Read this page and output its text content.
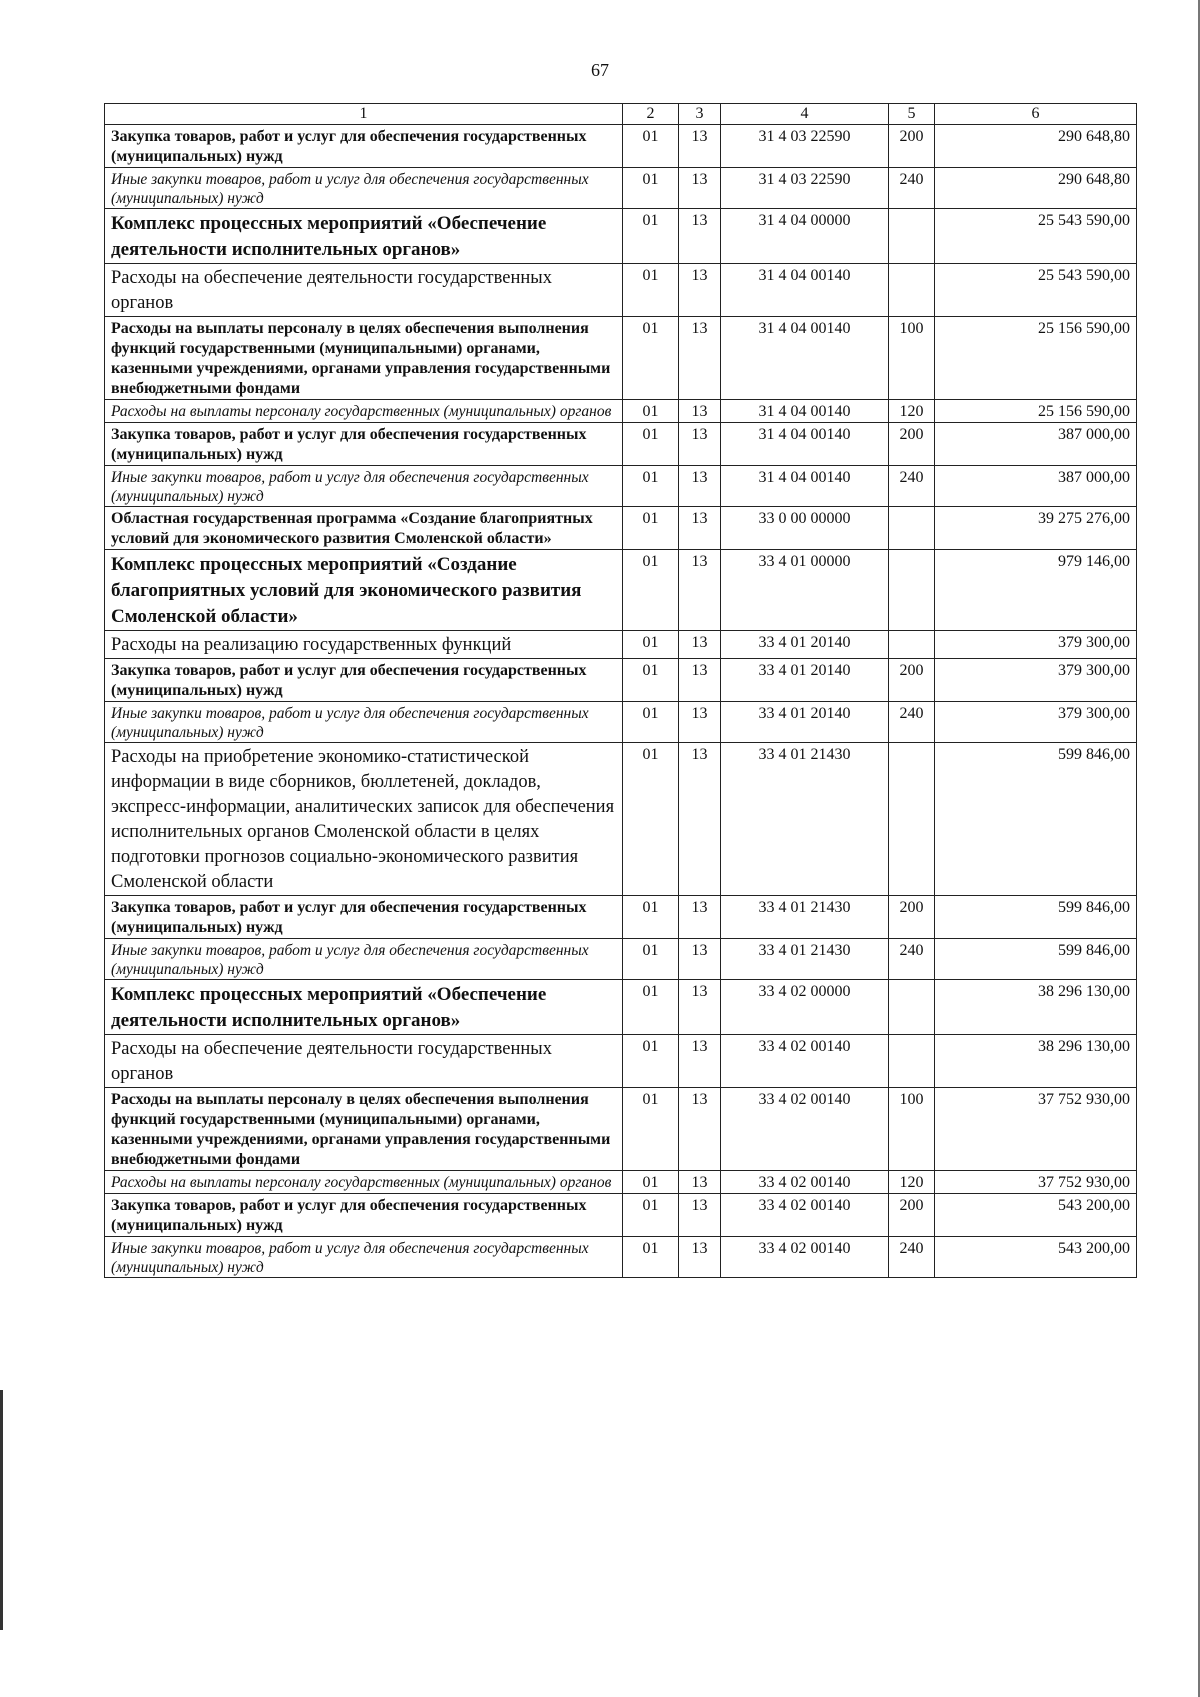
67
1	2	3	4	5	6
Закупка товаров, работ и услуг для обеспечения государственных (муниципальных) нужд	01	13	31 4 03 22590	200	290 648,80
Иные закупки товаров, работ и услуг для обеспечения государственных (муниципальных) нужд	01	13	31 4 03 22590	240	290 648,80
Комплекс процессных мероприятий «Обеспечение деятельности исполнительных органов»	01	13	31 4 04 00000		25 543 590,00
Расходы на обеспечение деятельности государственных органов	01	13	31 4 04 00140		25 543 590,00
Расходы на выплаты персоналу в целях обеспечения выполнения функций государственными (муниципальными) органами, казенными учреждениями, органами управления государственными внебюджетными фондами	01	13	31 4 04 00140	100	25 156 590,00
Расходы на выплаты персоналу государственных (муниципальных) органов	01	13	31 4 04 00140	120	25 156 590,00
Закупка товаров, работ и услуг для обеспечения государственных (муниципальных) нужд	01	13	31 4 04 00140	200	387 000,00
Иные закупки товаров, работ и услуг для обеспечения государственных (муниципальных) нужд	01	13	31 4 04 00140	240	387 000,00
Областная государственная программа «Создание благоприятных условий для экономического развития Смоленской области»	01	13	33 0 00 00000		39 275 276,00
Комплекс процессных мероприятий «Создание благоприятных условий для экономического развития Смоленской области»	01	13	33 4 01 00000		979 146,00
Расходы на реализацию государственных функций	01	13	33 4 01 20140		379 300,00
Закупка товаров, работ и услуг для обеспечения государственных (муниципальных) нужд	01	13	33 4 01 20140	200	379 300,00
Иные закупки товаров, работ и услуг для обеспечения государственных (муниципальных) нужд	01	13	33 4 01 20140	240	379 300,00
Расходы на приобретение экономико-статистической информации в виде сборников, бюллетеней, докладов, экспресс-информации, аналитических записок для обеспечения исполнительных органов Смоленской области в целях подготовки прогнозов социально-экономического развития Смоленской области	01	13	33 4 01 21430		599 846,00
Закупка товаров, работ и услуг для обеспечения государственных (муниципальных) нужд	01	13	33 4 01 21430	200	599 846,00
Иные закупки товаров, работ и услуг для обеспечения государственных (муниципальных) нужд	01	13	33 4 01 21430	240	599 846,00
Комплекс процессных мероприятий «Обеспечение деятельности исполнительных органов»	01	13	33 4 02 00000		38 296 130,00
Расходы на обеспечение деятельности государственных органов	01	13	33 4 02 00140		38 296 130,00
Расходы на выплаты персоналу в целях обеспечения выполнения функций государственными (муниципальными) органами, казенными учреждениями, органами управления государственными внебюджетными фондами	01	13	33 4 02 00140	100	37 752 930,00
Расходы на выплаты персоналу государственных (муниципальных) органов	01	13	33 4 02 00140	120	37 752 930,00
Закупка товаров, работ и услуг для обеспечения государственных (муниципальных) нужд	01	13	33 4 02 00140	200	543 200,00
Иные закупки товаров, работ и услуг для обеспечения государственных (муниципальных) нужд	01	13	33 4 02 00140	240	543 200,00
